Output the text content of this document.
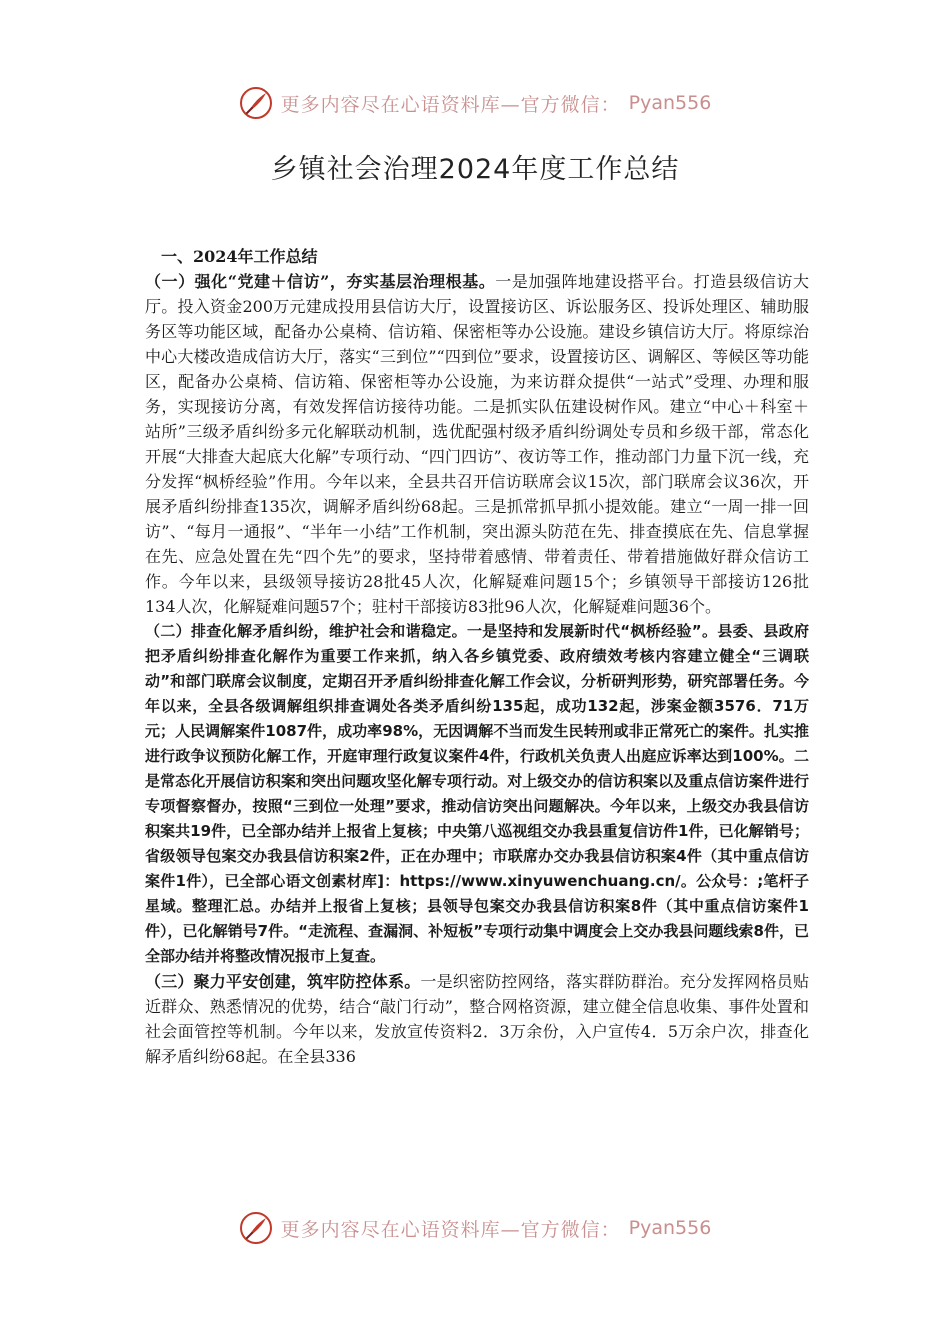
更多内容尽在心语资料库—官方微信： Pyan556
乡镇社会治理2024年度工作总结

一、2024年工作总结

（一）强化“党建＋信访”，夯实基层治理根基。一是加强阵地建设搭平台。打造县级信访大厅。投入资金200万元建成投用县信访大厅，设置接访区、诉讼服务区、投诉处理区、辅助服务区等功能区域，配备办公桌椅、信访箱、保密柜等办公设施。建设乡镇信访大厅。将原综治中心大楼改造成信访大厅，落实“三到位”“四到位”要求，设置接访区、调解区、等候区等功能区，配备办公桌椅、信访箱、保密柜等办公设施，为来访群众提供“一站式”受理、办理和服务，实现接访分离，有效发挥信访接待功能。二是抓实队伍建设树作风。建立“中心＋科室＋站所”三级矛盾纠纷多元化解联动机制，选优配强村级矛盾纠纷调处专员和乡级干部，常态化开展“大排查大起底大化解”专项行动、“四门四访”、夜访等工作，推动部门力量下沉一线，充分发挥“枫桥经验”作用。今年以来，全县共召开信访联席会议15次，部门联席会议36次，开展矛盾纠纷排查135次，调解矛盾纠纷68起。三是抓常抓早抓小提效能。建立“一周一排一回访”、“每月一通报”、“半年一小结”工作机制，突出源头防范在先、排查摸底在先、信息掌握在先、应急处置在先“四个先”的要求，坚持带着感情、带着责任、带着措施做好群众信访工作。今年以来，县级领导接访28批45人次，化解疑难问题15个；乡镇领导干部接访126批134人次，化解疑难问题57个；驻村干部接访83批96人次，化解疑难问题36个。

（二）排查化解矛盾纠纷，维护社会和谐稳定。一是坚持和发展新时代“枫桥经验”。县委、县政府把矛盾纠纷排查化解作为重要工作来抓，纳入各乡镇党委、政府绩效考核内容建立健全“三调联动”和部门联席会议制度，定期召开矛盾纠纷排查化解工作会议，分析研判形势，研究部署任务。今年以来，全县各级调解组织排查调处各类矛盾纠纷135起，成功132起，涉案金额3576．71万元；人民调解案件1087件，成功率98%，无因调解不当而发生民转刑或非正常死亡的案件。扎实推进行政争议预防化解工作，开庭审理行政复议案件4件，行政机关负责人出庭应诉率达到100%。二是常态化开展信访积案和突出问题攻坚化解专项行动。对上级交办的信访积案以及重点信访案件进行专项督察督办，按照“三到位一处理”要求，推动信访突出问题解决。今年以来，上级交办我县信访积案共19件，已全部办结并上报省上复核；中央第八巡视组交办我县重复信访件1件，已化解销号；省级领导包案交办我县信访积案2件，正在办理中；市联席办交办我县信访积案4件（其中重点信访案件1件），已全部心语文创素材库]：https://www.xinyuwenchuang.cn/。公众号：;笔杆子星域。整理汇总。办结并上报省上复核；县领导包案交办我县信访积案8件（其中重点信访案件1件），已化解销号7件。“走流程、查漏洞、补短板”专项行动集中调度会上交办我县问题线索8件，已全部办结并将整改情况报市上复查。

（三）聚力平安创建，筑牢防控体系。一是织密防控网络，落实群防群治。充分发挥网格员贴近群众、熟悉情况的优势，结合“敲门行动”，整合网格资源，建立健全信息收集、事件处置和社会面管控等机制。今年以来，发放宣传资料2．3万余份，入户宣传4．5万余户次，排查化解矛盾纠纷68起。在全县336

更多内容尽在心语资料库—官方微信： Pyan556
